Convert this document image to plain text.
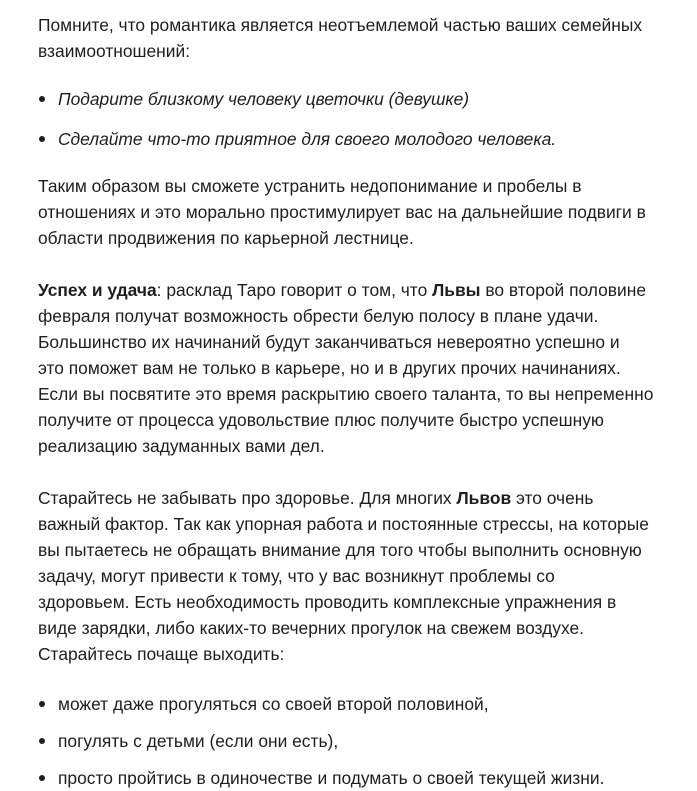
Помните, что романтика является неотъемлемой частью ваших семейных
взаимоотношений:
Подарите близкому человеку цветочки (девушке)
Сделайте что-то приятное для своего молодого человека.
Таким образом вы сможете устранить недопонимание и пробелы в
отношениях и это морально простимулирует вас на дальнейшие подвиги в
области продвижения по карьерной лестнице.
Успех и удача: расклад Таро говорит о том, что Львы во второй половине
февраля получат возможность обрести белую полосу в плане удачи.
Большинство их начинаний будут заканчиваться невероятно успешно и
это поможет вам не только в карьере, но и в других прочих начинаниях.
Если вы посвятите это время раскрытию своего таланта, то вы непременно
получите от процесса удовольствие плюс получите быстро успешную
реализацию задуманных вами дел.
Старайтесь не забывать про здоровье. Для многих Львов это очень
важный фактор. Так как упорная работа и постоянные стрессы, на которые
вы пытаетесь не обращать внимание для того чтобы выполнить основную
задачу, могут привести к тому, что у вас возникнут проблемы со
здоровьем. Есть необходимость проводить комплексные упражнения в
виде зарядки, либо каких-то вечерних прогулок на свежем воздухе.
Старайтесь почаще выходить:
может даже прогуляться со своей второй половиной,
погулять с детьми (если они есть),
просто пройтись в одиночестве и подумать о своей текущей жизни.
